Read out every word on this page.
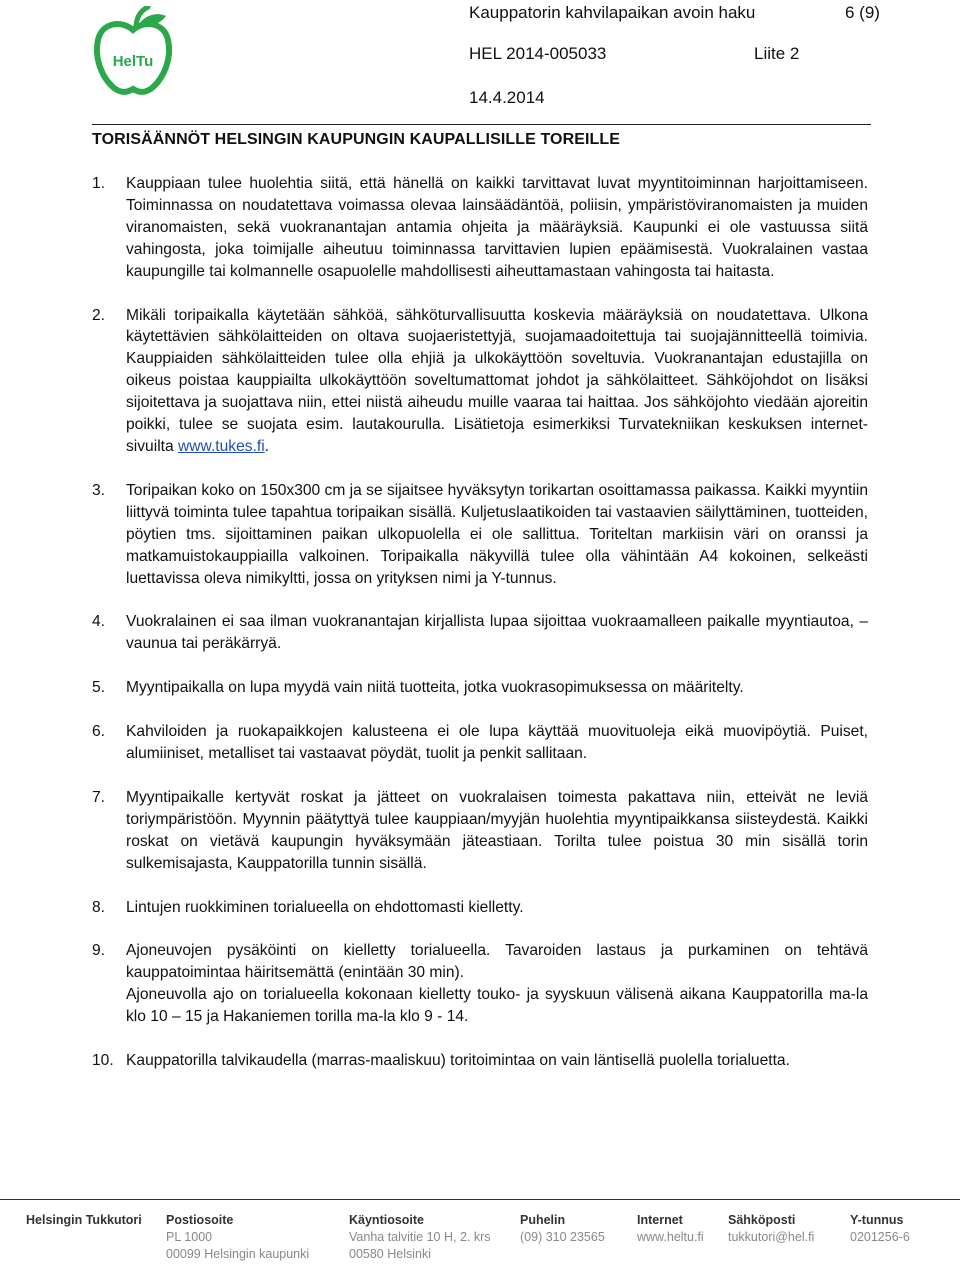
HelTu
Kauppatorin kahvilapaikan avoin haku	6 (9)
HEL 2014-005033	Liite 2
14.4.2014
TORISÄÄNNÖT HELSINGIN KAUPUNGIN KAUPALLISILLE TOREILLE
1.	Kauppiaan tulee huolehtia siitä, että hänellä on kaikki tarvittavat luvat myyntitoiminnan harjoittamiseen. Toiminnassa on noudatettava voimassa olevaa lainsäädäntöä, poliisin, ympäristöviranomaisten ja muiden viranomaisten, sekä vuokranantajan antamia ohjeita ja määräyksiä. Kaupunki ei ole vastuussa siitä vahingosta, joka toimijalle aiheutuu toiminnassa tarvittavien lupien epäämisestä. Vuokralainen vastaa kaupungille tai kolmannelle osapuolelle mahdollisesti aiheuttamastaan vahingosta tai haitasta.

2.	Mikäli toripaikalla käytetään sähköä, sähköturvallisuutta koskevia määräyksiä on noudatettava. Ulkona käytettävien sähkölaitteiden on oltava suojaeristettyjä, suojamaadoitettuja tai suojajännitteellä toimivia. Kauppiaiden sähkölaitteiden tulee olla ehjiä ja ulkokäyttöön soveltuvia. Vuokranantajan edustajilla on oikeus poistaa kauppiailta ulkokäyttöön soveltumattomat johdot ja sähkölaitteet. Sähköjohdot on lisäksi sijoitettava ja suojattava niin, ettei niistä aiheudu muille vaaraa tai haittaa. Jos sähköjohto viedään ajoreitin poikki, tulee se suojata esim. lautakourulla. Lisätietoja esimerkiksi Turvatekniikan keskuksen internet-sivuilta www.tukes.fi.

3.	Toripaikan koko on 150x300 cm ja se sijaitsee hyväksytyn torikartan osoittamassa paikassa. Kaikki myyntiin liittyvä toiminta tulee tapahtua toripaikan sisällä. Kuljetuslaatikoiden tai vastaavien säilyttäminen, tuotteiden, pöytien tms. sijoittaminen paikan ulkopuolella ei ole sallittua. Toriteltan markiisin väri on oranssi ja matkamuistokauppiailla valkoinen. Toripaikalla näkyvillä tulee olla vähintään A4 kokoinen, selkeästi luettavissa oleva nimikyltti, jossa on yrityksen nimi ja Y-tunnus.

4.	Vuokralainen ei saa ilman vuokranantajan kirjallista lupaa sijoittaa vuokraamalleen paikalle myyntiautoa, – vaunua tai peräkärryä.

5.	Myyntipaikalla on lupa myydä vain niitä tuotteita, jotka vuokrasopimuksessa on määritelty.

6.	Kahviloiden ja ruokapaikkojen kalusteena ei ole lupa käyttää muovituoleja eikä muovipöytiä. Puiset, alumiiniset, metalliset tai vastaavat pöydät, tuolit ja penkit sallitaan.

7.	Myyntipaikalle kertyvät roskat ja jätteet on vuokralaisen toimesta pakattava niin, etteivät ne leviä toriympäristöön. Myynnin päätyttyä tulee kauppiaan/myyjän huolehtia myyntipaikkansa siisteydestä. Kaikki roskat on vietävä kaupungin hyväksymään jäteastiaan. Torilta tulee poistua 30 min sisällä torin sulkemisajasta, Kauppatorilla tunnin sisällä.

8.	Lintujen ruokkiminen torialueella on ehdottomasti kielletty.

9.	Ajoneuvojen pysäköinti on kielletty torialueella. Tavaroiden lastaus ja purkaminen on tehtävä kauppatoimintaa häiritsemättä (enintään 30 min).

Ajoneuvolla ajo on torialueella kokonaan kielletty touko- ja syyskuun välisenä aikana Kauppatorilla ma-la klo 10 – 15 ja Hakaniemen torilla ma-la klo 9 - 14.

10. Kauppatorilla talvikaudella (marras-maaliskuu) toritoimintaa on vain läntisellä puolella torialuetta.

Helsingin Tukkutori Postiosoite
PL 1000
00099 Helsingin kaupunki
Käyntiosoite
Vanha talvitie 10 H, 2. krs
00580 Helsinki
Puhelin
(09) 310 23565
Internet
www.heltu.fi
Sähköposti
tukkutori@hel.fi
Y-tunnus
0201256-6
